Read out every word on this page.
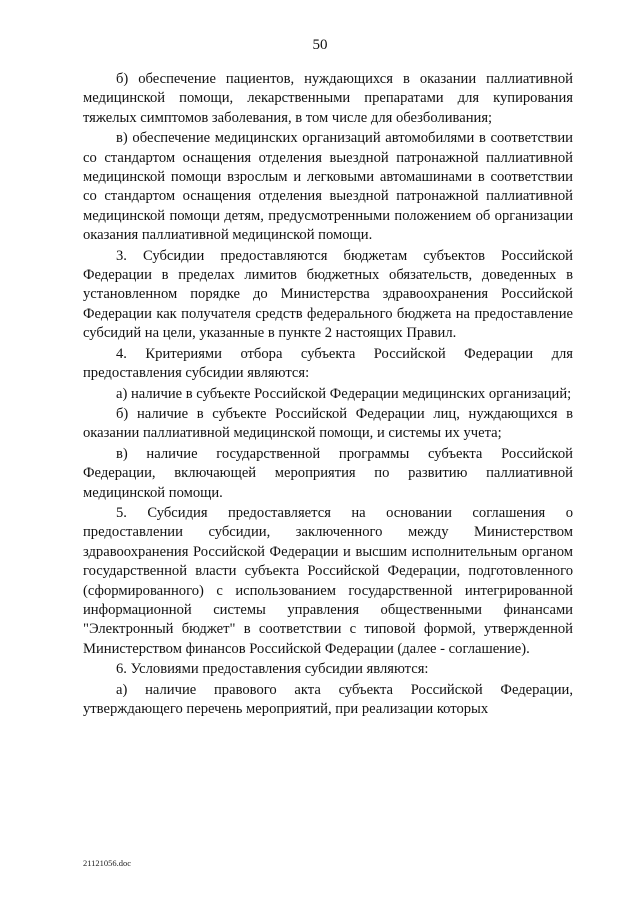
50

б) обеспечение пациентов, нуждающихся в оказании паллиативной медицинской помощи, лекарственными препаратами для купирования тяжелых симптомов заболевания, в том числе для обезболивания;

в) обеспечение медицинских организаций автомобилями в соответствии со стандартом оснащения отделения выездной патронажной паллиативной медицинской помощи взрослым и легковыми автомашинами в соответствии со стандартом оснащения отделения выездной патронажной паллиативной медицинской помощи детям, предусмотренными положением об организации оказания паллиативной медицинской помощи.

3. Субсидии предоставляются бюджетам субъектов Российской Федерации в пределах лимитов бюджетных обязательств, доведенных в установленном порядке до Министерства здравоохранения Российской Федерации как получателя средств федерального бюджета на предоставление субсидий на цели, указанные в пункте 2 настоящих Правил.

4. Критериями отбора субъекта Российской Федерации для предоставления субсидии являются:

а) наличие в субъекте Российской Федерации медицинских организаций;

б) наличие в субъекте Российской Федерации лиц, нуждающихся в оказании паллиативной медицинской помощи, и системы их учета;

в) наличие государственной программы субъекта Российской Федерации, включающей мероприятия по развитию паллиативной медицинской помощи.

5. Субсидия предоставляется на основании соглашения о предоставлении субсидии, заключенного между Министерством здравоохранения Российской Федерации и высшим исполнительным органом государственной власти субъекта Российской Федерации, подготовленного (сформированного) с использованием государственной интегрированной информационной системы управления общественными финансами "Электронный бюджет" в соответствии с типовой формой, утвержденной Министерством финансов Российской Федерации (далее - соглашение).

6. Условиями предоставления субсидии являются:

а) наличие правового акта субъекта Российской Федерации, утверждающего перечень мероприятий, при реализации которых

21121056.doc
